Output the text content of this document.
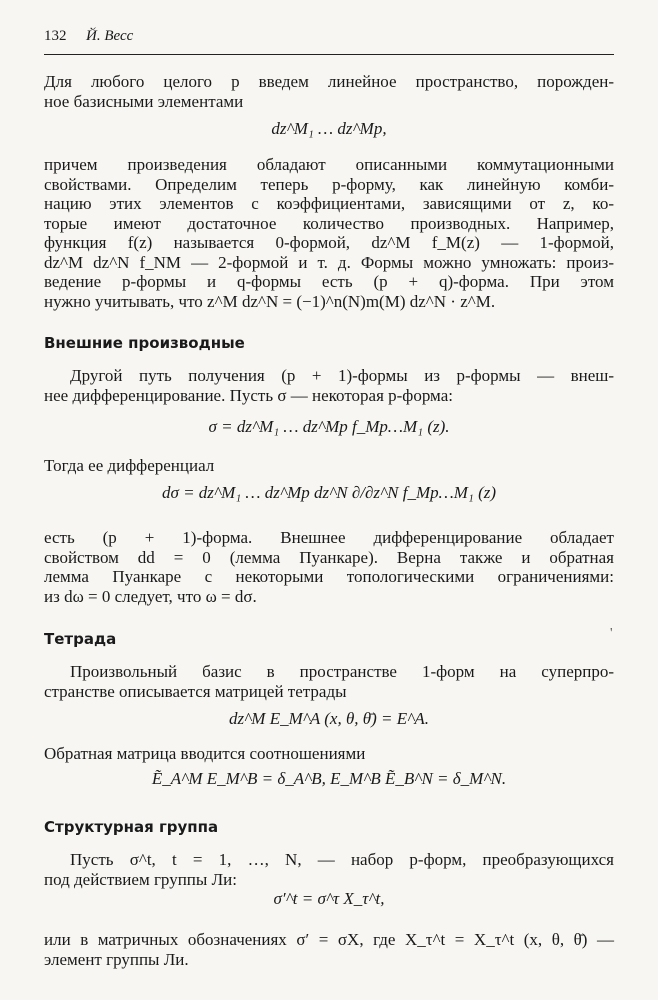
132 Й. Весс
Для любого целого p введем линейное пространство, порожден-
ное базисными элементами
dz^M₁ … dz^Mp,
причем произведения обладают описанными коммутационными
свойствами. Определим теперь p-форму, как линейную комби-
нацию этих элементов с коэффициентами, зависящими от z, ко-
торые имеют достаточное количество производных. Например,
функция f(z) называется 0-формой, dz^M f_M(z) — 1-формой,
dz^M dz^N f_NM — 2-формой и т. д. Формы можно умножать: произ-
ведение p-формы и q-формы есть (p + q)-форма. При этом
нужно учитывать, что z^M dz^N = (−1)^n(N)m(M) dz^N · z^M.
Внешние производные
Другой путь получения (p + 1)-формы из p-формы — внеш-
нее дифференцирование. Пусть σ — некоторая p-форма:
σ = dz^M₁ … dz^Mp f_Mp…M₁ (z).
Тогда ее дифференциал
dσ = dz^M₁ … dz^Mp dz^N ∂/∂z^N f_Mp…M₁ (z)
есть (p + 1)-форма. Внешнее дифференцирование обладает
свойством dd = 0 (лемма Пуанкаре). Верна также и обратная
лемма Пуанкаре с некоторыми топологическими ограничениями:
из dω = 0 следует, что ω = dσ.
Тетрада	'
Произвольный базис в пространстве 1-форм на суперпро-
странстве описывается матрицей тетрады
dz^M E_M^A (x, θ, θ̄) = E^A.
Обратная матрица вводится соотношениями
Ẽ_A^M E_M^B = δ_A^B, E_M^B Ẽ_B^N = δ_M^N.
Структурная группа
Пусть σ^t, t = 1, …, N, — набор p-форм, преобразующихся
под действием группы Ли:
σ′^t = σ^τ X_τ^t,
или в матричных обозначениях σ′ = σX, где X_τ^t = X_τ^t (x, θ, θ̄) —
элемент группы Ли.
